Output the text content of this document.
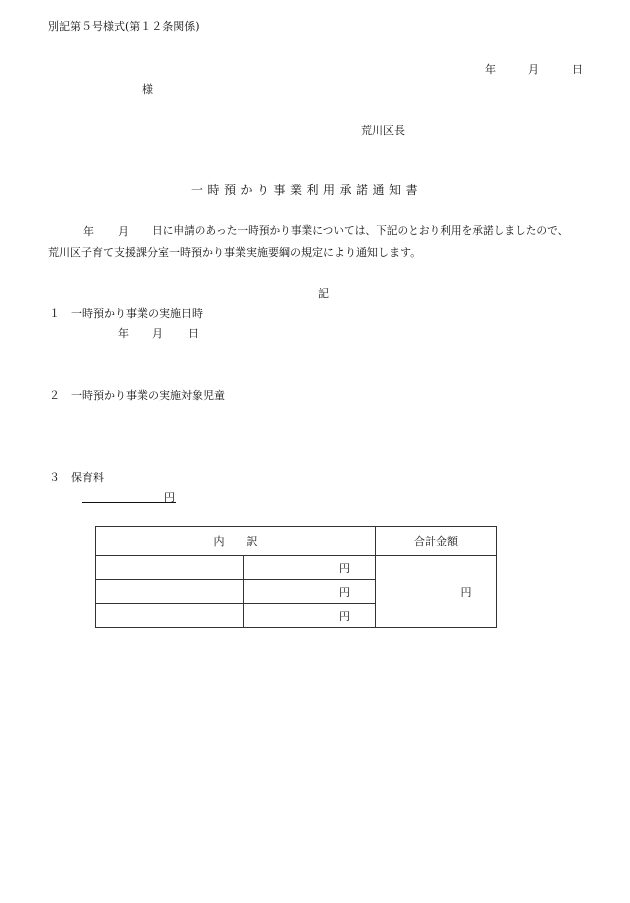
別記第５号様式(第１２条関係)
年	月	日
様
荒川区長
一時預かり事業利用承諾通知書
年 月 日に申請のあった一時預かり事業については、下記のとおり利用を承諾しましたので、
荒川区子育て支援課分室一時預かり事業実施要綱の規定により通知します。
記
１ 一時預かり事業の実施日時
年 月 日
２ 一時預かり事業の実施対象児童
３ 保育料
円
内　　訳		合計金額
	円	円
	円	
	円	
